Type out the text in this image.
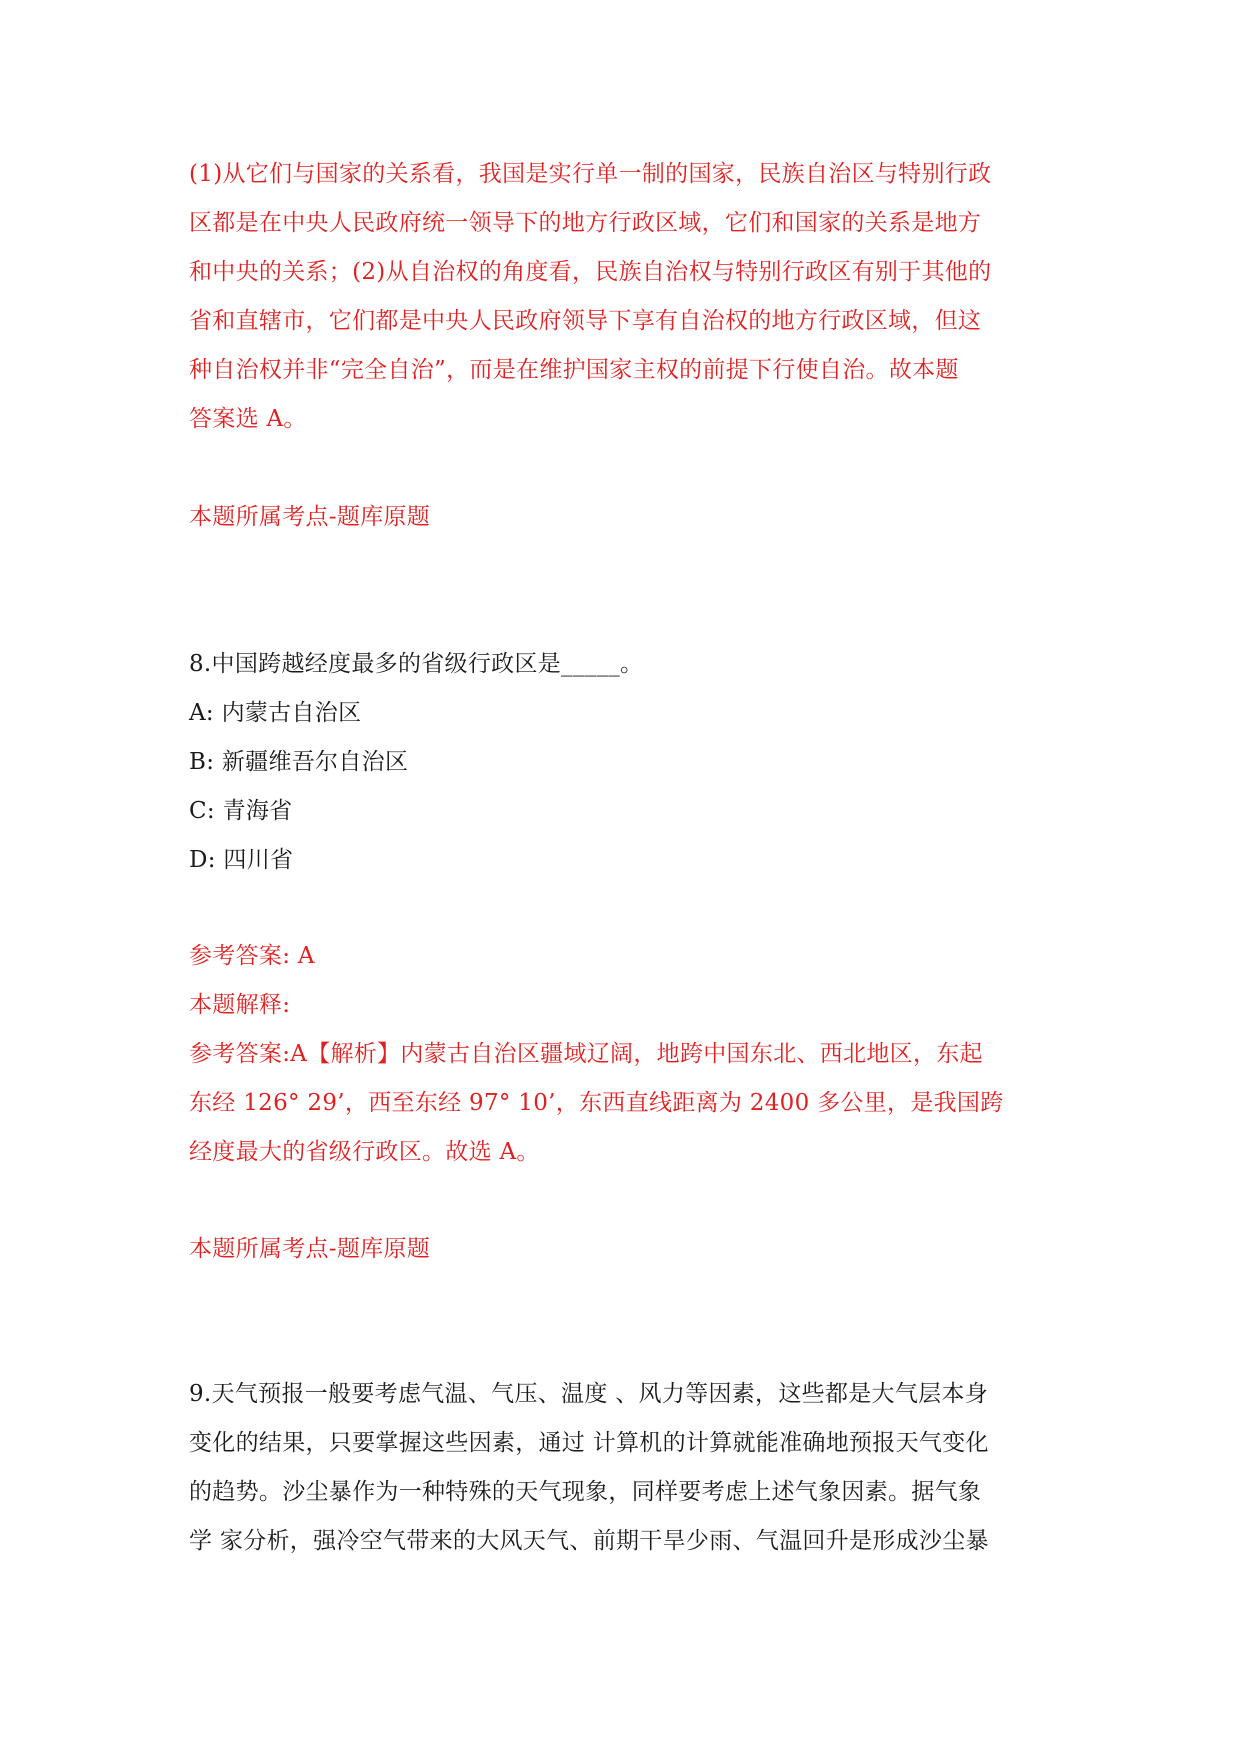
(1)从它们与国家的关系看，我国是实行单一制的国家，民族自治区与特别行政
区都是在中央人民政府统一领导下的地方行政区域，它们和国家的关系是地方
和中央的关系；(2)从自治权的角度看，民族自治权与特别行政区有别于其他的
省和直辖市，它们都是中央人民政府领导下享有自治权的地方行政区域，但这
种自治权并非“完全自治”，而是在维护国家主权的前提下行使自治。故本题
答案选 A。
本题所属考点-题库原题
8.中国跨越经度最多的省级行政区是_____。
A: 内蒙古自治区
B: 新疆维吾尔自治区
C: 青海省
D: 四川省
参考答案: A
本题解释:
参考答案:A【解析】内蒙古自治区疆域辽阔，地跨中国东北、西北地区，东起
东经 126° 29’，西至东经 97° 10’，东西直线距离为 2400 多公里，是我国跨
经度最大的省级行政区。故选 A。
本题所属考点-题库原题
9.天气预报一般要考虑气温、气压、温度 、风力等因素，这些都是大气层本身
变化的结果，只要掌握这些因素，通过 计算机的计算就能准确地预报天气变化
的趋势。沙尘暴作为一种特殊的天气现象，同样要考虑上述气象因素。据气象
学 家分析，强冷空气带来的大风天气、前期干旱少雨、气温回升是形成沙尘暴
